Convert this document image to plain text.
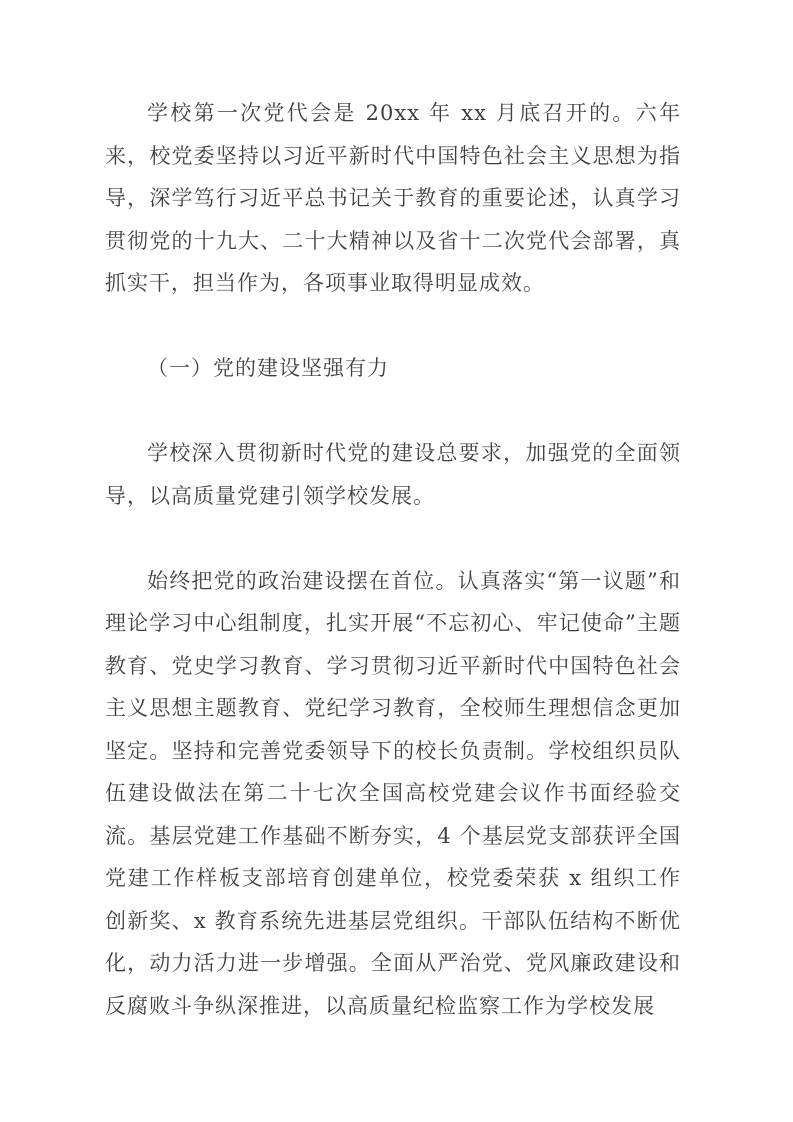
学校第一次党代会是 20xx 年 xx 月底召开的。六年来，校党委坚持以习近平新时代中国特色社会主义思想为指导，深学笃行习近平总书记关于教育的重要论述，认真学习贯彻党的十九大、二十大精神以及省十二次党代会部署，真抓实干，担当作为，各项事业取得明显成效。

（一）党的建设坚强有力

学校深入贯彻新时代党的建设总要求，加强党的全面领导，以高质量党建引领学校发展。

始终把党的政治建设摆在首位。认真落实“第一议题”和理论学习中心组制度，扎实开展“不忘初心、牢记使命”主题教育、党史学习教育、学习贯彻习近平新时代中国特色社会主义思想主题教育、党纪学习教育，全校师生理想信念更加坚定。坚持和完善党委领导下的校长负责制。学校组织员队伍建设做法在第二十七次全国高校党建会议作书面经验交流。基层党建工作基础不断夯实，4 个基层党支部获评全国党建工作样板支部培育创建单位，校党委荣获 x 组织工作创新奖、x 教育系统先进基层党组织。干部队伍结构不断优化，动力活力进一步增强。全面从严治党、党风廉政建设和反腐败斗争纵深推进，以高质量纪检监察工作为学校发展
